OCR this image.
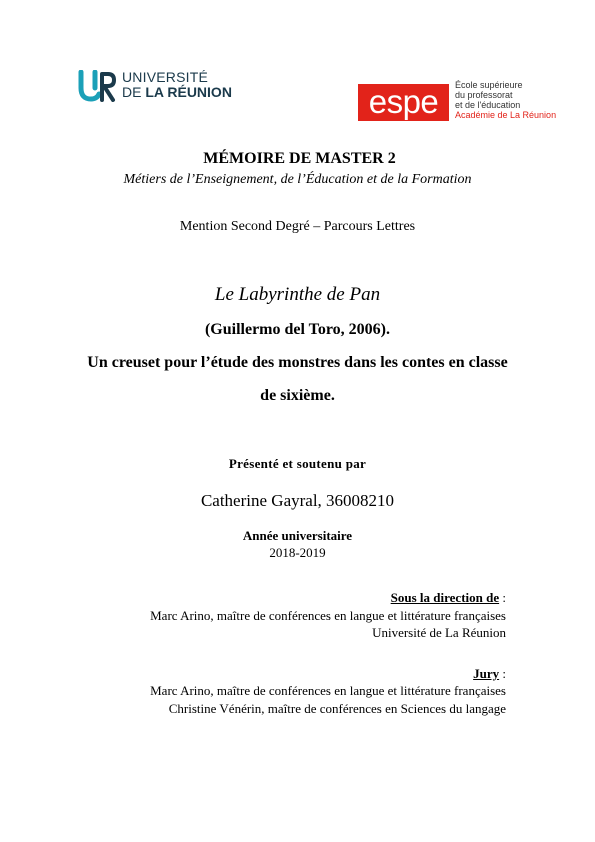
UNIVERSITÉ
DE LA RÉUNION	espe École supérieure
du professorat
et de l'éducation
Académie de La Réunion
MÉMOIRE DE MASTER 2
Métiers de l’Enseignement, de l’Éducation et de la Formation
Mention Second Degré – Parcours Lettres
Le Labyrinthe de Pan
(Guillermo del Toro, 2006).
Un creuset pour l’étude des monstres dans les contes en classe
de sixième.
Présenté et soutenu par
Catherine Gayral, 36008210
Année universitaire
2018-2019
Sous la direction de :
Marc Arino, maître de conférences en langue et littérature françaises
Université de La Réunion
Jury :
Marc Arino, maître de conférences en langue et littérature françaises
Christine Vénérin, maître de conférences en Sciences du langage
